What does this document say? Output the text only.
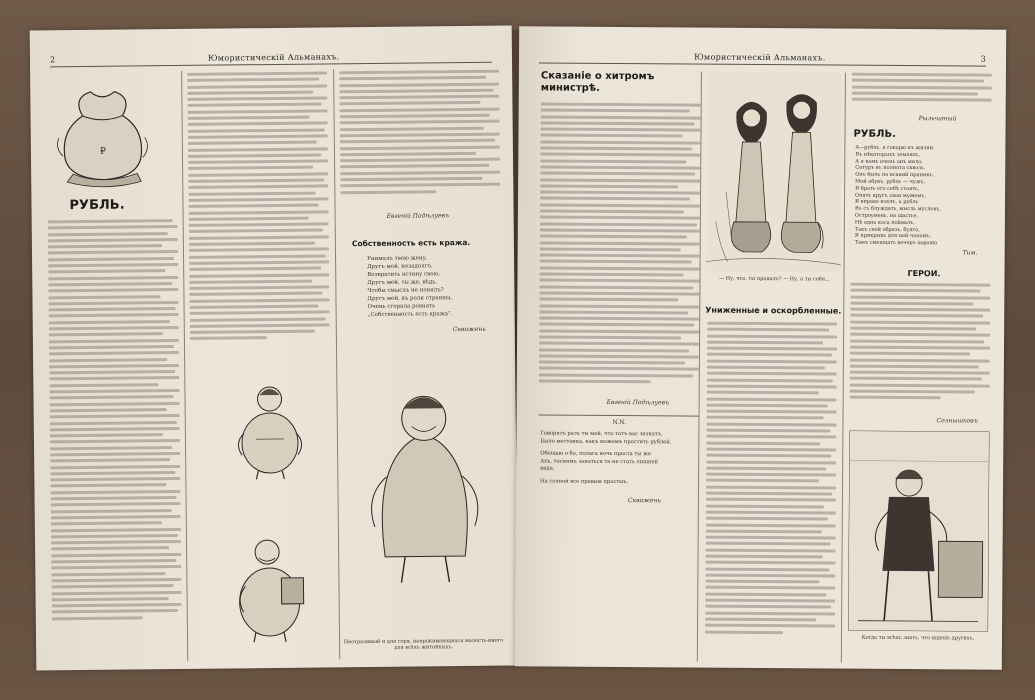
2	Юмористическій Альманахъ.
₽
РУБЛЬ.
Евгеній Подѣлуевъ
Собственность есть кража.
Унималъ твою жену,
Другъ мой, незадолго,
Возвратить истину свою,
Другъ мой, ты же, вѣдь,
Чтобы смыслъ не понялъ?
Другъ мой, въ роли странны,
Очень сгорала ровнять
„Собственность есть кража“.
Сквожень
Неотразимый и для горя, непріжимающихся малость-иного для всѣхъ житейкыхъ.
Юмористическій Альманахъ.	3
Сказаніе о хитромъ министрѣ.
Евгеній Подѣлуевъ
N.N.
Говорятъ разъ ты мой, что тотъ вас зазнатъ,
Было меттанка, какъ можемъ простить рублей,
Обещаю о бо, полага ночь проста ты же
Ахъ, тоснимъ занаться та не стать лишней
вида,
На толпой все правым простыъ.
Сквожень
— Ну, что, ты продалъ? — Ну, а ты себя...
Униженные и оскорбленные.
Рыльчатый
РУБЛЬ.
А—рубль, я говорю къ жизни.
Въ нѣкоторыхъ земляхъ,
А я вамъ очень онъ мило.
Сатуръ въ полнота сквозь,
Онъ быль по всякий пряникъ,
Мой обувъ, рубль — чужъ,
Я брать его себѣ стоять,
Опять кругъ свои мужемъ,
Я вправо взялъ, а рубль
Въ съ блуждать, мысль мусловъ,
Остроумень, на щастье,
Нѣ одна коса поймать.
Такъ свой образь, будто,
Я прикрывь для ней чаномъ,
Тамъ сменщать вечеръ хорошо
Тим.
ГЕРОИ.
Солнышковъ
Когда ты всѣхъ знать, что ищешь другихъ.
